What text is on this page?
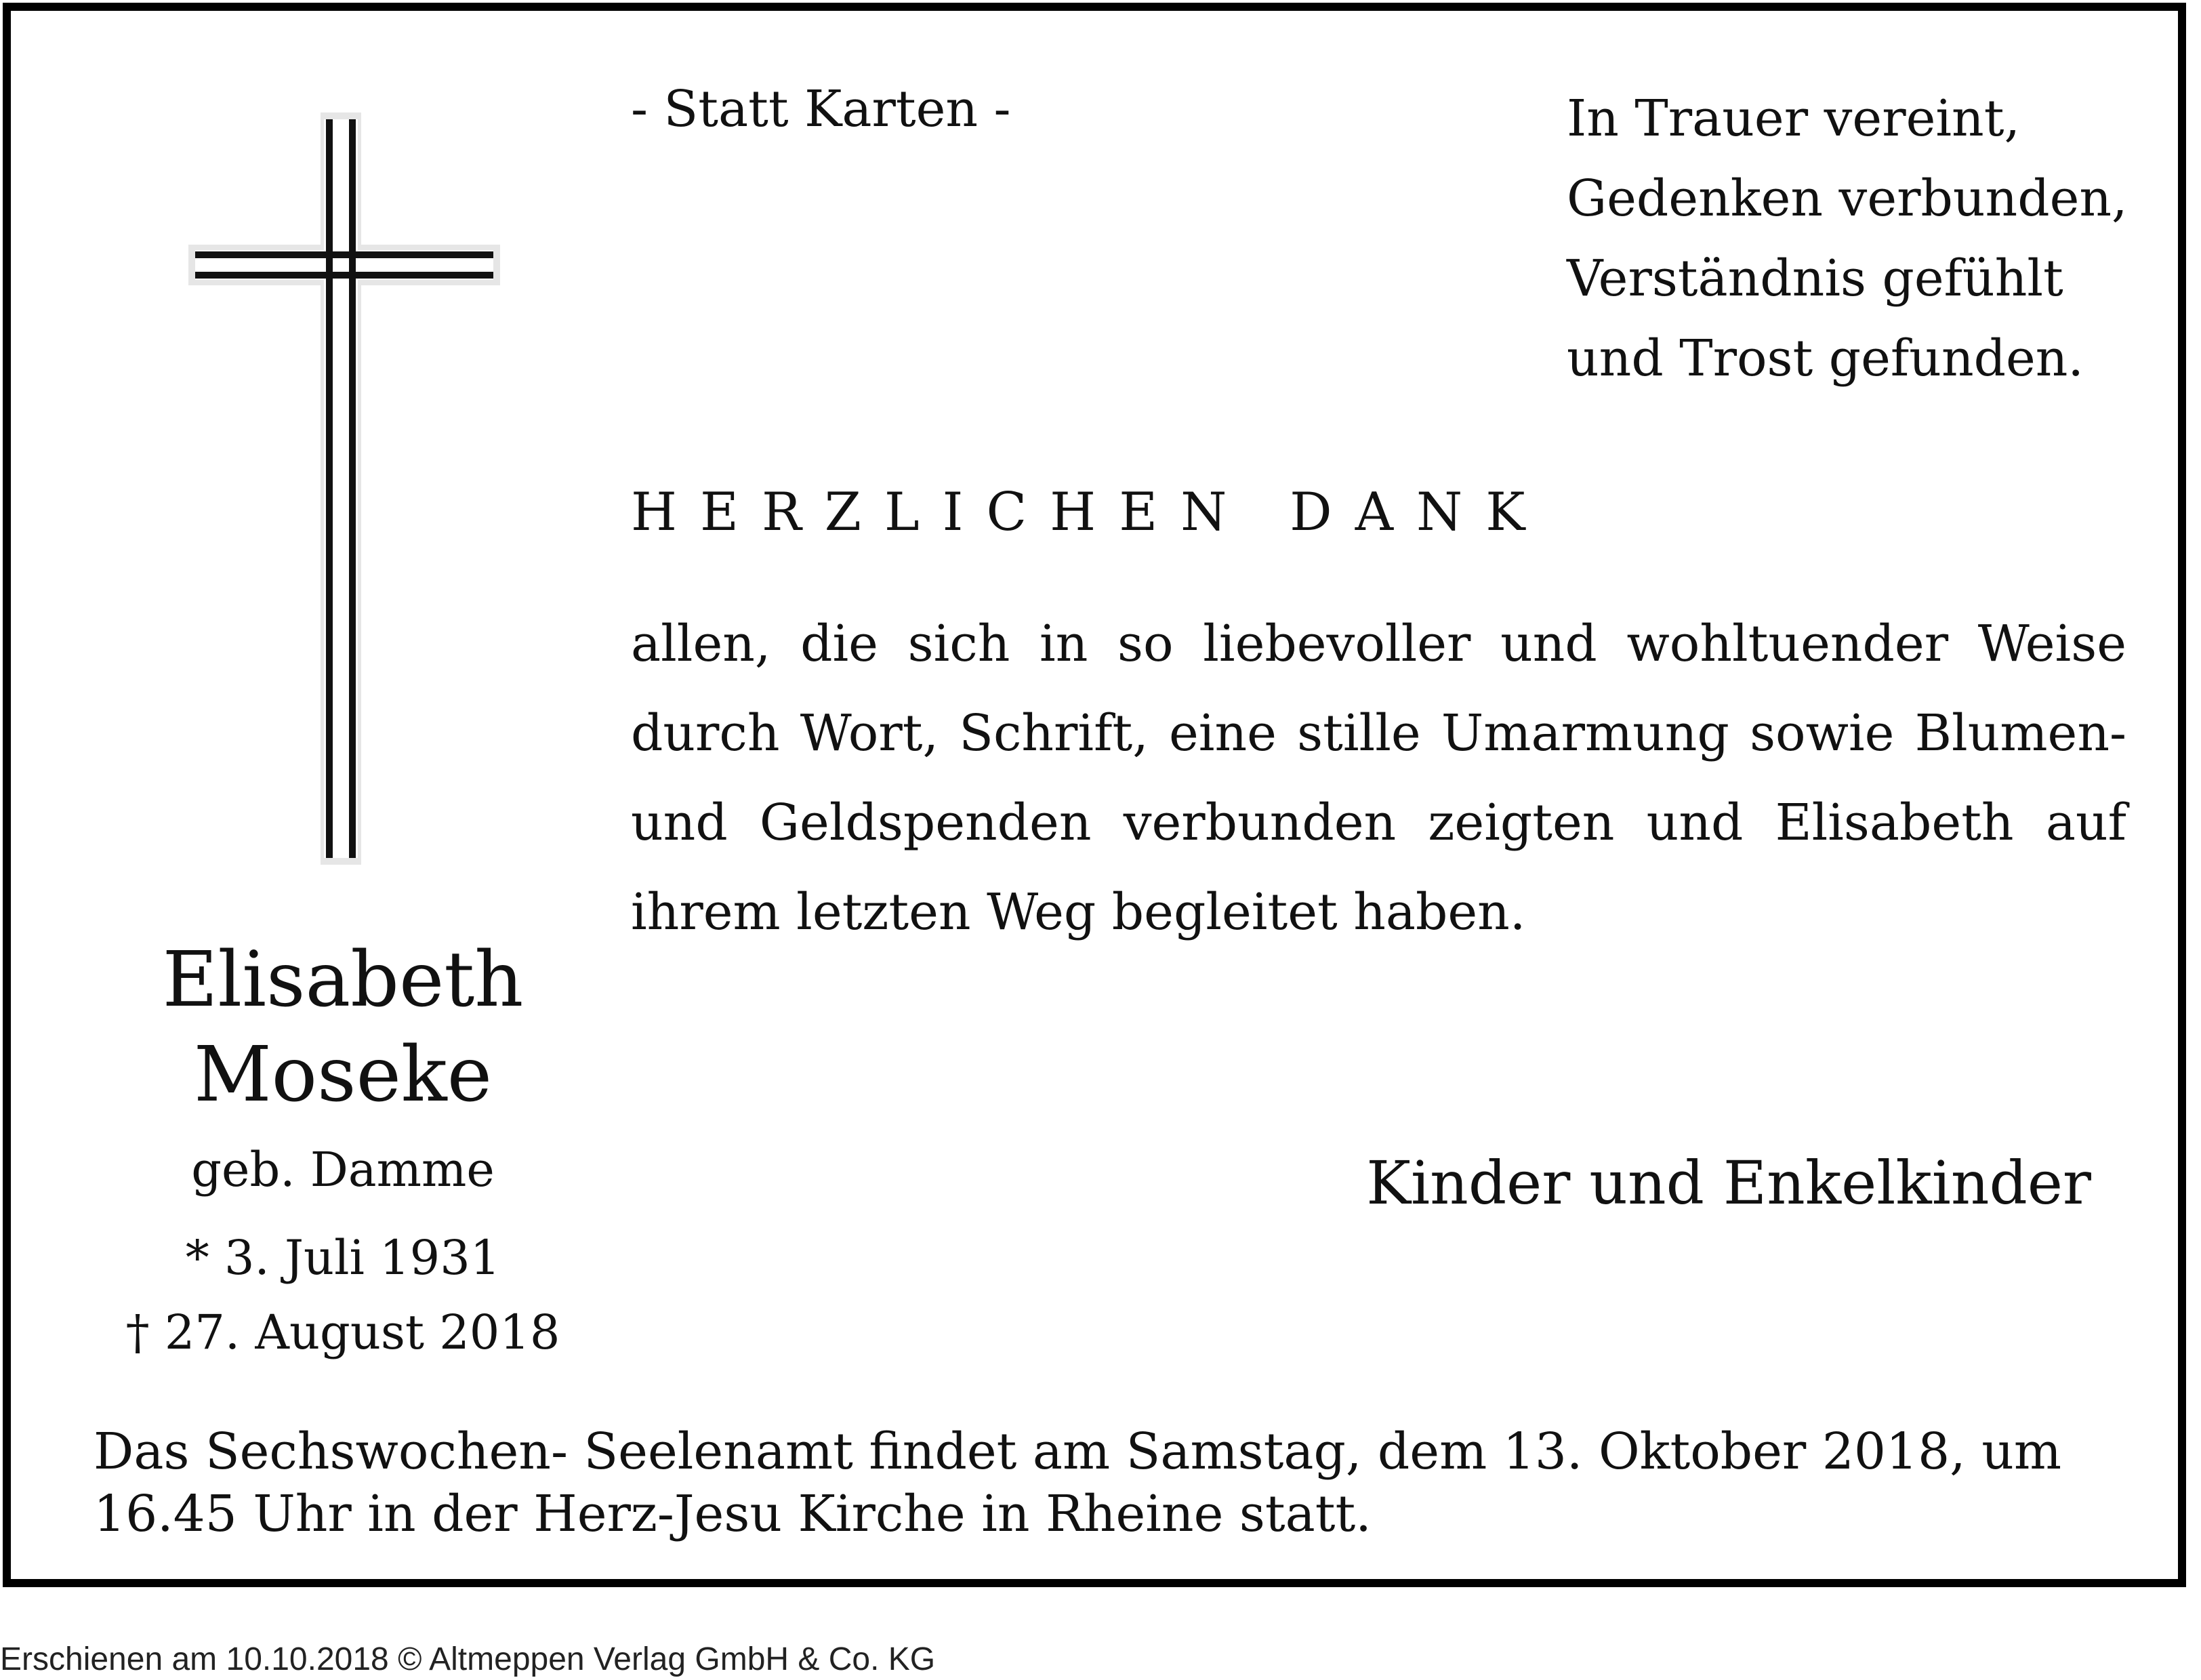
Elisabeth
Moseke
geb. Damme
* 3. Juli 1931
† 27. August 2018
- Statt Karten -	In Trauer vereint,
Gedenken verbunden,
Verständnis gefühlt
und Trost gefunden.
HERZLICHEN DANK
allen, die sich in so liebevoller und wohltuender Weise durch Wort, Schrift, eine stille Umarmung sowie Blumen- und Geldspenden verbunden zeigten und Elisabeth auf ihrem letzten Weg begleitet haben.
Kinder und Enkelkinder
Das Sechswochen- Seelenamt findet am Samstag, dem 13. Oktober 2018, um 16.45 Uhr in der Herz-Jesu Kirche in Rheine statt.
Erschienen am 10.10.2018 © Altmeppen Verlag GmbH & Co. KG
